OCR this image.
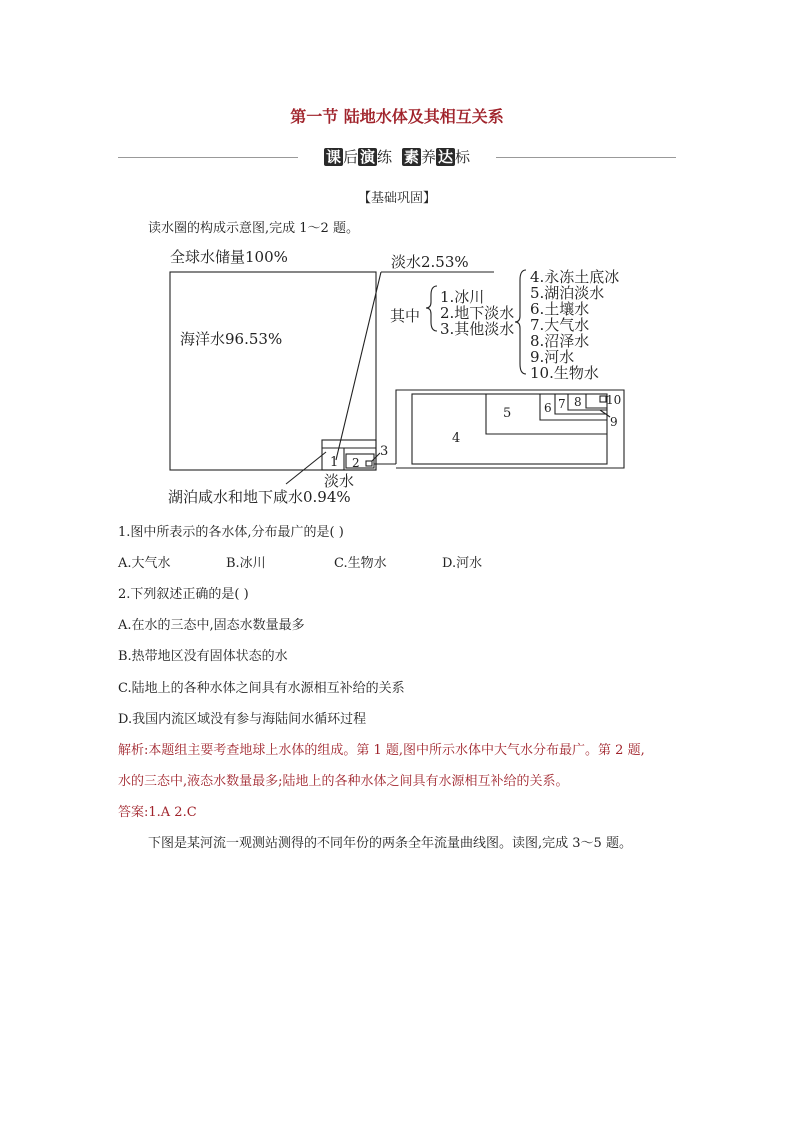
第一节 陆地水体及其相互关系
课 后 演 练 素 养 达 标
【基础巩固】
读水圈的构成示意图,完成 1～2 题。
全球水储量100%	淡水2.53%
海洋水96.53%
其中
1.冰川
2.地下淡水
3.其他淡水
4.永冻土底冰
5.湖泊淡水
6.土壤水
7.大气水
8.沼泽水
9.河水
10.生物水
1 2
3
4
5	6 7 8
9
10
淡水
湖泊咸水和地下咸水0.94%
1.图中所表示的各水体,分布最广的是( )
A.大气水	B.冰川	C.生物水	D.河水
2.下列叙述正确的是( )
A.在水的三态中,固态水数量最多
B.热带地区没有固体状态的水
C.陆地上的各种水体之间具有水源相互补给的关系
D.我国内流区域没有参与海陆间水循环过程
解析:本题组主要考查地球上水体的组成。第 1 题,图中所示水体中大气水分布最广。第 2 题,
水的三态中,液态水数量最多;陆地上的各种水体之间具有水源相互补给的关系。
答案:1.A 2.C
下图是某河流一观测站测得的不同年份的两条全年流量曲线图。读图,完成 3～5 题。
